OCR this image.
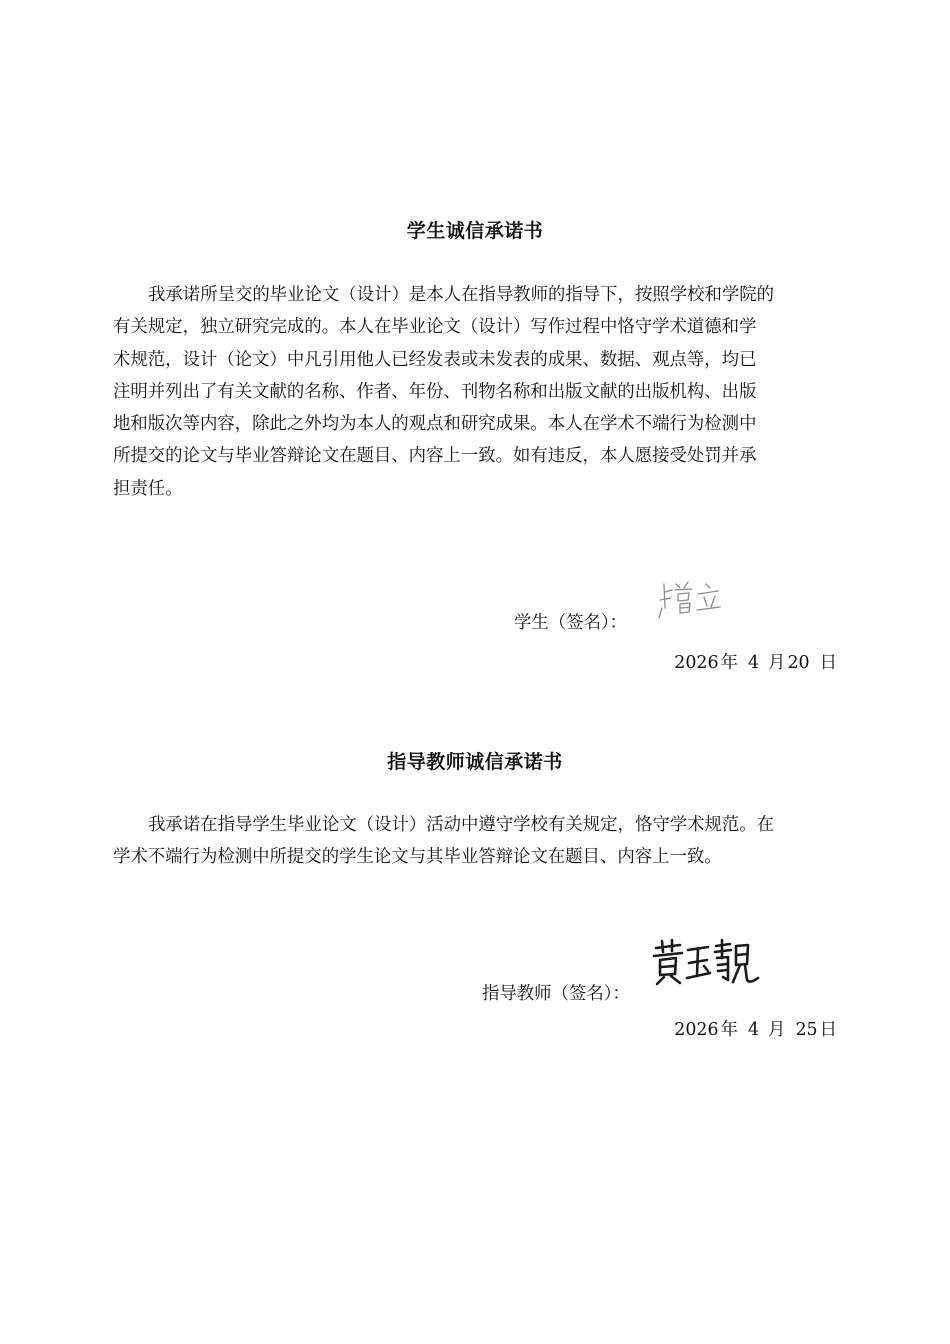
学生诚信承诺书
我承诺所呈交的毕业论文（设计）是本人在指导教师的指导下，按照学校和学院的
有关规定，独立研究完成的。本人在毕业论文（设计）写作过程中恪守学术道德和学
术规范，设计（论文）中凡引用他人已经发表或未发表的成果、数据、观点等，均已
注明并列出了有关文献的名称、作者、年份、刊物名称和出版文献的出版机构、出版
地和版次等内容，除此之外均为本人的观点和研究成果。本人在学术不端行为检测中
所提交的论文与毕业答辩论文在题目、内容上一致。如有违反，本人愿接受处罚并承
担责任。
学生（签名）：
2026 年 4 月 20 日
指导教师诚信承诺书
我承诺在指导学生毕业论文（设计）活动中遵守学校有关规定，恪守学术规范。在
学术不端行为检测中所提交的学生论文与其毕业答辩论文在题目、内容上一致。
指导教师（签名）：
2026 年 4 月 25 日
